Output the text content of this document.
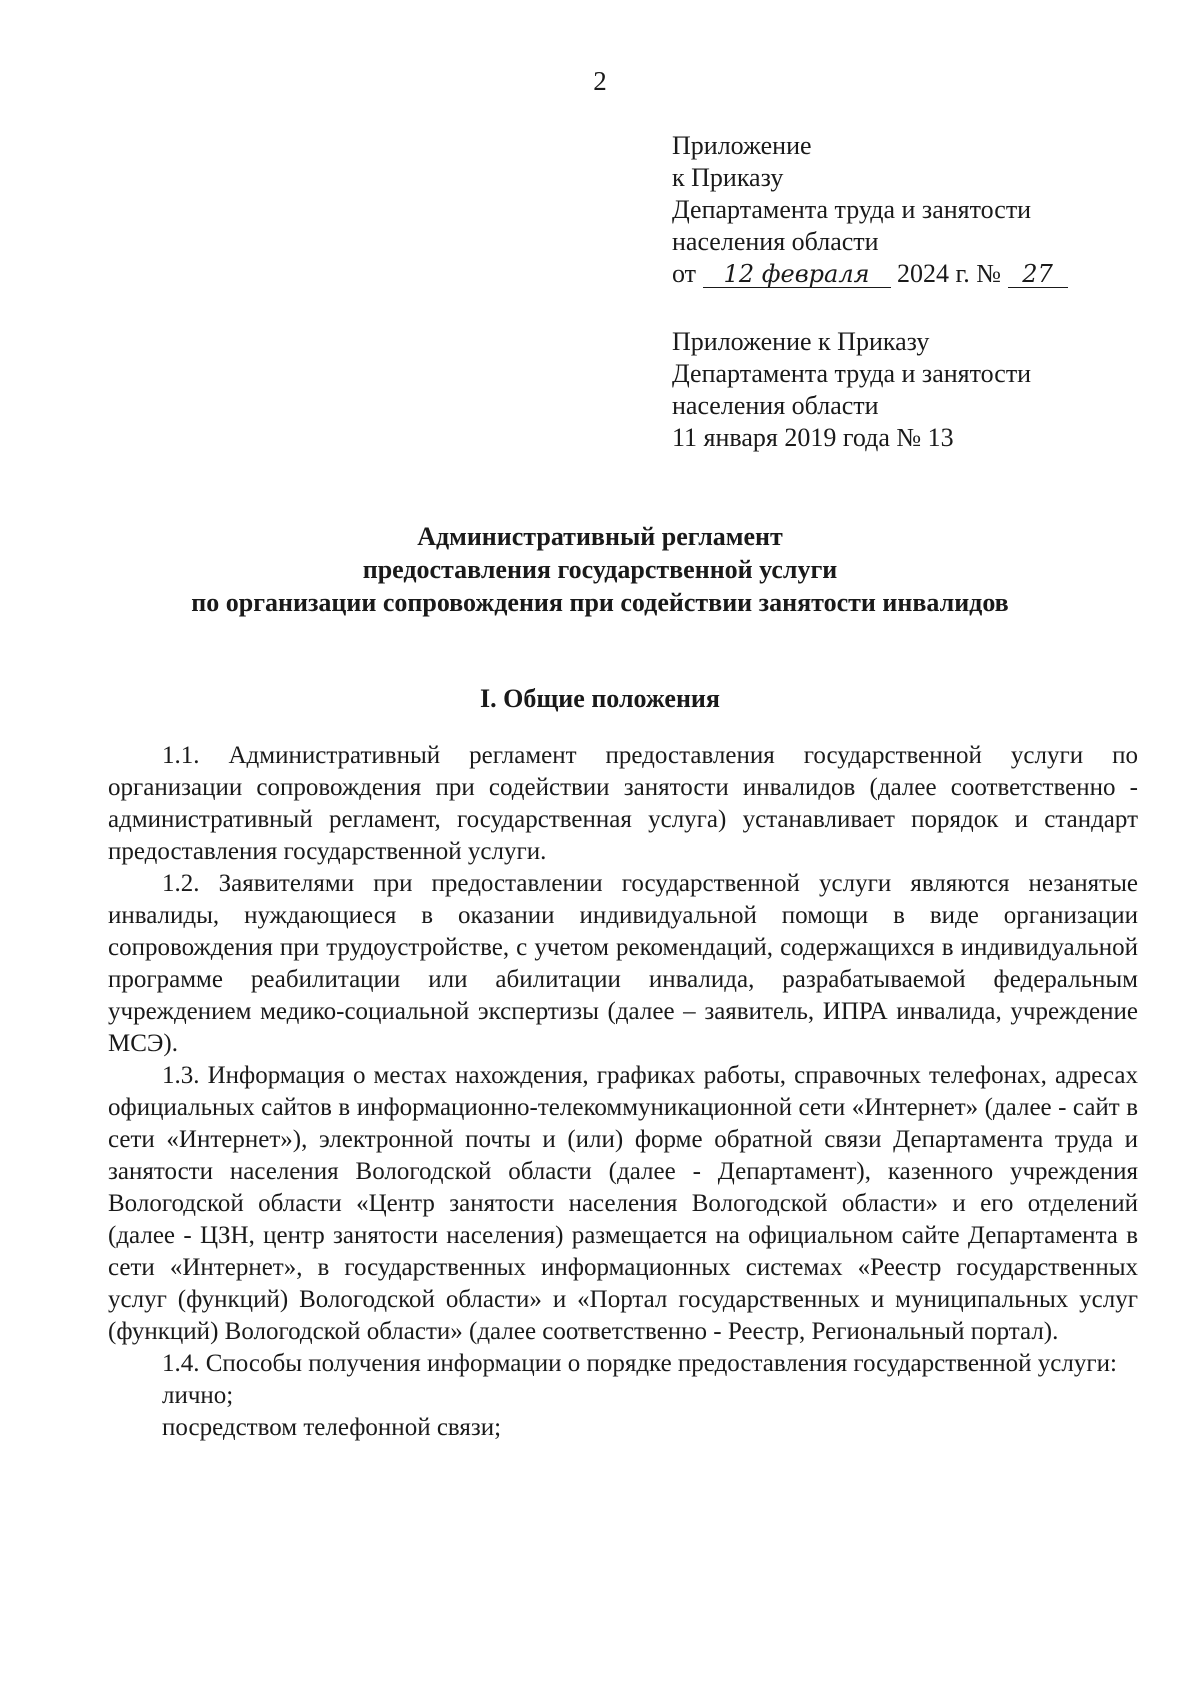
2
Приложение
к Приказу
Департамента труда и занятости
населения области
от 12 февраля 2024 г. № 27
Приложение к Приказу
Департамента труда и занятости
населения области
11 января 2019 года № 13
Административный регламент
предоставления государственной услуги
по организации сопровождения при содействии занятости инвалидов
I. Общие положения

1.1. Административный регламент предоставления государственной услуги по организации сопровождения при содействии занятости инвалидов (далее соответственно - административный регламент, государственная услуга) устанавливает порядок и стандарт предоставления государственной услуги.

1.2. Заявителями при предоставлении государственной услуги являются незанятые инвалиды, нуждающиеся в оказании индивидуальной помощи в виде организации сопровождения при трудоустройстве, с учетом рекомендаций, содержащихся в индивидуальной программе реабилитации или абилитации инвалида, разрабатываемой федеральным учреждением медико-социальной экспертизы (далее – заявитель, ИПРА инвалида, учреждение МСЭ).

1.3. Информация о местах нахождения, графиках работы, справочных телефонах, адресах официальных сайтов в информационно-телекоммуникационной сети «Интернет» (далее - сайт в сети «Интернет»), электронной почты и (или) форме обратной связи Департамента труда и занятости населения Вологодской области (далее - Департамент), казенного учреждения Вологодской области «Центр занятости населения Вологодской области» и его отделений (далее - ЦЗН, центр занятости населения) размещается на официальном сайте Департамента в сети «Интернет», в государственных информационных системах «Реестр государственных услуг (функций) Вологодской области» и «Портал государственных и муниципальных услуг (функций) Вологодской области» (далее соответственно - Реестр, Региональный портал).

1.4. Способы получения информации о порядке предоставления государственной услуги:

лично;

посредством телефонной связи;
